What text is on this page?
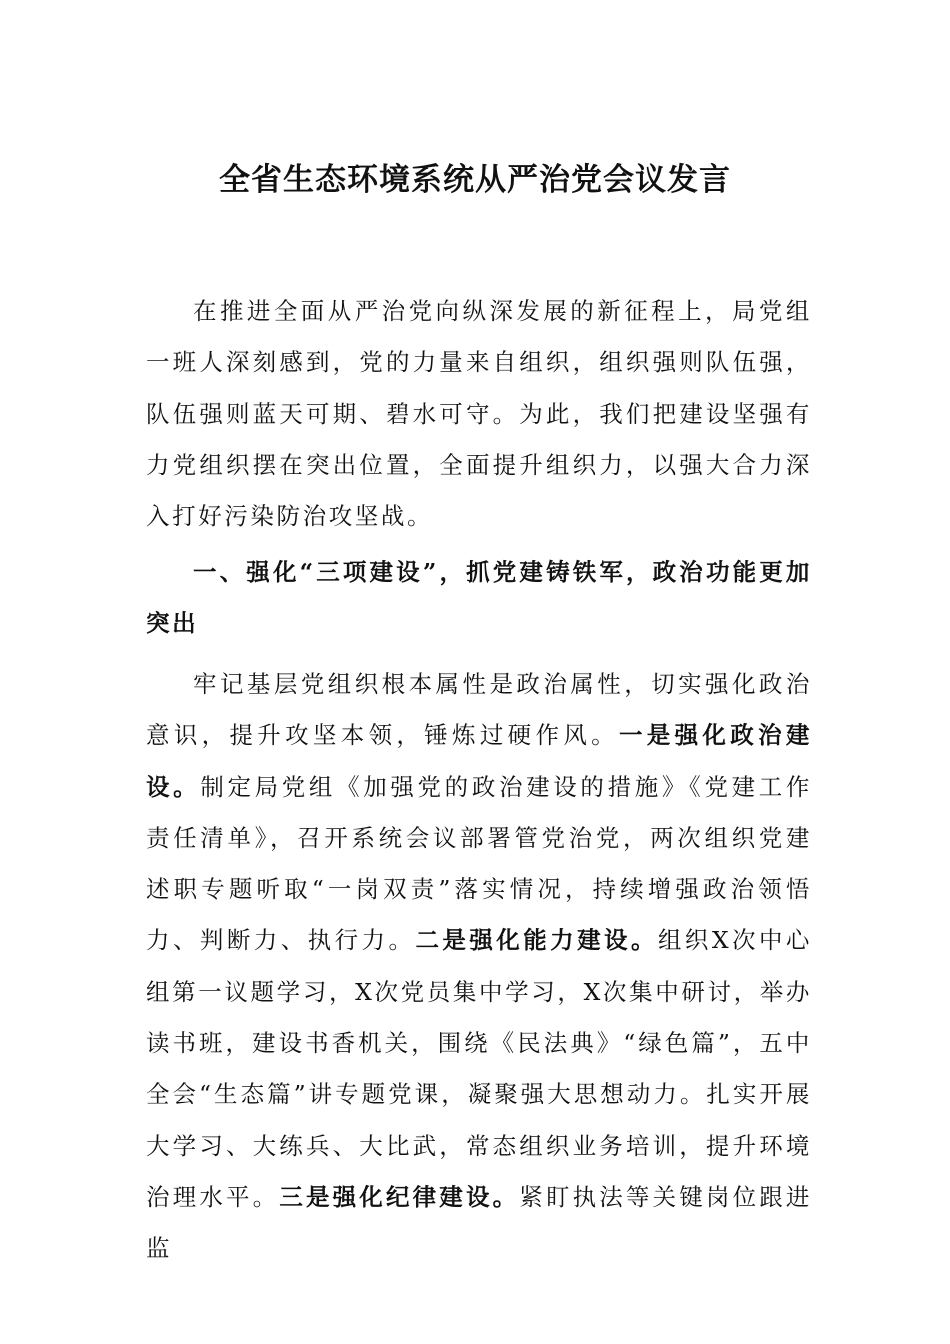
全省生态环境系统从严治党会议发言

在推进全面从严治党向纵深发展的新征程上，局党组一班人深刻感到，党的力量来自组织，组织强则队伍强，队伍强则蓝天可期、碧水可守。为此，我们把建设坚强有力党组织摆在突出位置，全面提升组织力，以强大合力深入打好污染防治攻坚战。

一、强化“三项建设”，抓党建铸铁军，政治功能更加突出

牢记基层党组织根本属性是政治属性，切实强化政治意识，提升攻坚本领，锤炼过硬作风。一是强化政治建设。制定局党组《加强党的政治建设的措施》《党建工作责任清单》，召开系统会议部署管党治党，两次组织党建述职专题听取“一岗双责”落实情况，持续增强政治领悟力、判断力、执行力。二是强化能力建设。组织X次中心组第一议题学习，X次党员集中学习，X次集中研讨，举办读书班，建设书香机关，围绕《民法典》“绿色篇”，五中全会“生态篇”讲专题党课，凝聚强大思想动力。扎实开展大学习、大练兵、大比武，常态组织业务培训，提升环境治理水平。三是强化纪律建设。紧盯执法等关键岗位跟进监
